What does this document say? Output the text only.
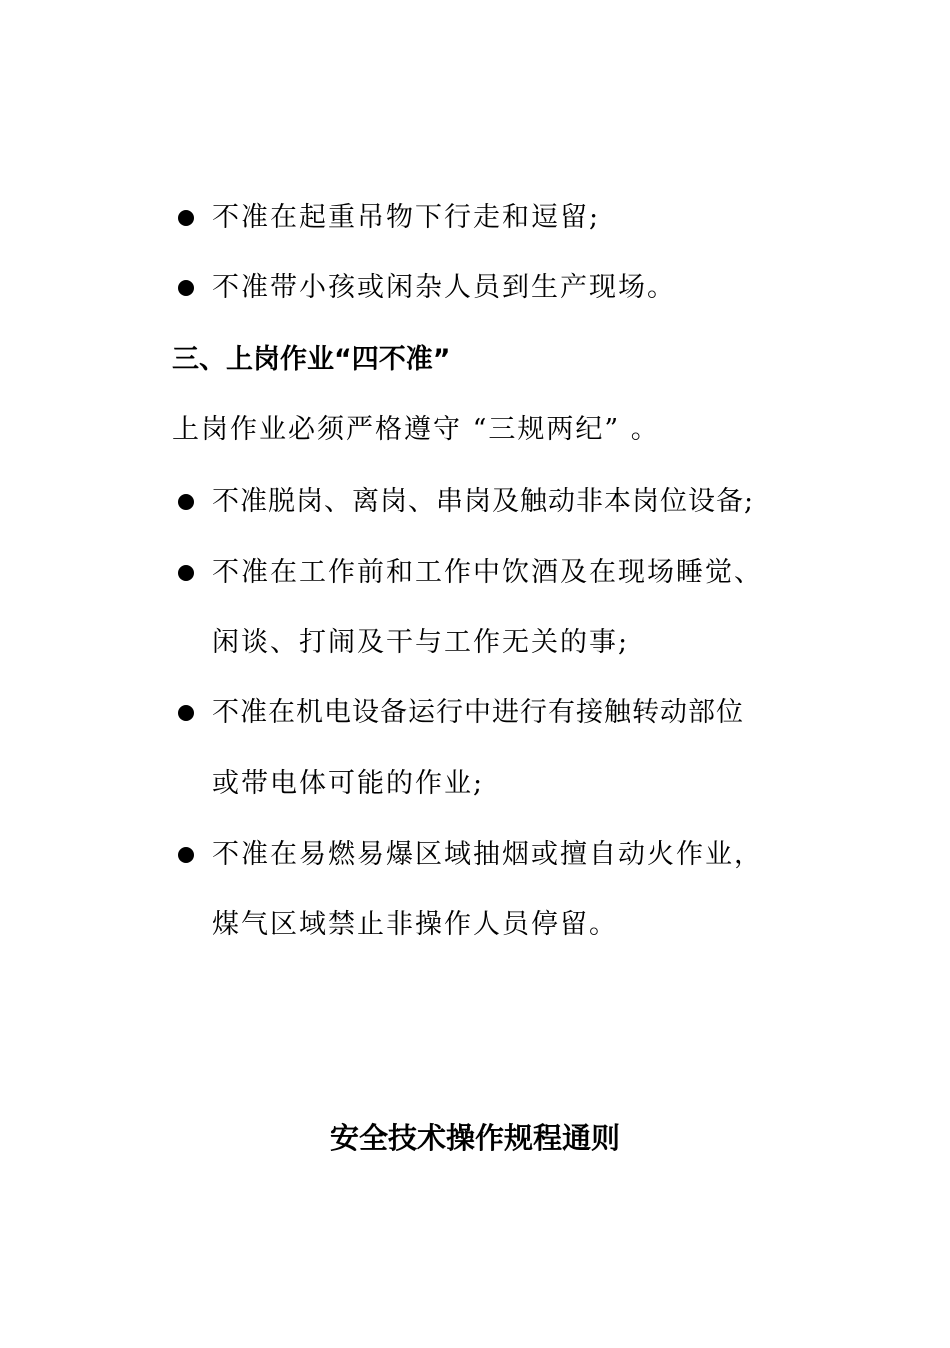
不准在起重吊物下行走和逗留;
不准带小孩或闲杂人员到生产现场。
三、上岗作业“四不准”
上岗作业必须严格遵守 “三规两纪” 。
不准脱岗、离岗、串岗及触动非本岗位设备;
不准在工作前和工作中饮酒及在现场睡觉、
闲谈、打闹及干与工作无关的事;
不准在机电设备运行中进行有接触转动部位
或带电体可能的作业;
不准在易燃易爆区域抽烟或擅自动火作业，
煤气区域禁止非操作人员停留。
安全技术操作规程通则
